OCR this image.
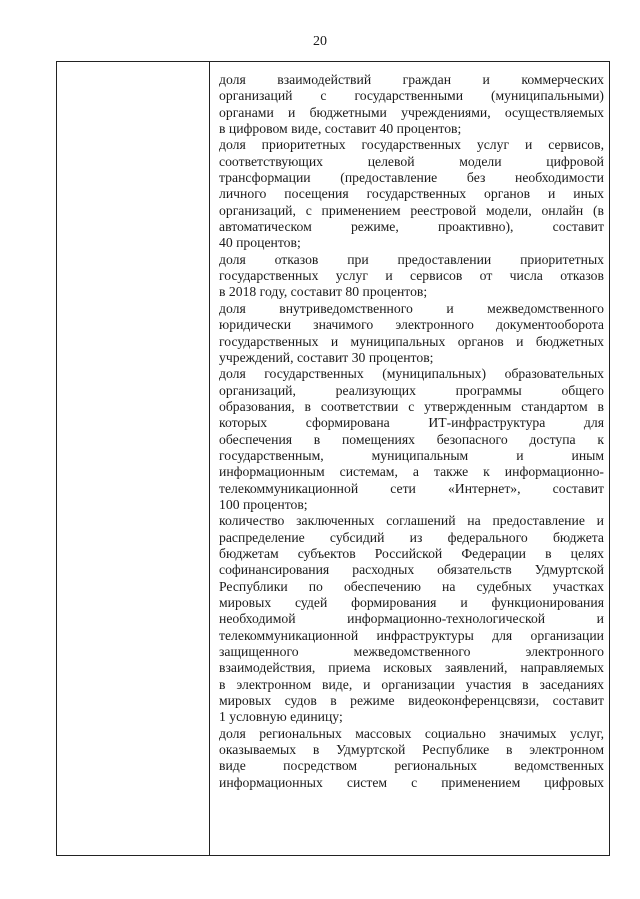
20
доля взаимодействий граждан и коммерческих
организаций с государственными (муниципальными)
органами и бюджетными учреждениями, осуществляемых
в цифровом виде, составит 40 процентов;
доля приоритетных государственных услуг и сервисов,
соответствующих целевой модели цифровой
трансформации (предоставление без необходимости
личного посещения государственных органов и иных
организаций, с применением реестровой модели, онлайн (в
автоматическом режиме, проактивно), составит
40 процентов;
доля отказов при предоставлении приоритетных
государственных услуг и сервисов от числа отказов
в 2018 году, составит 80 процентов;
доля внутриведомственного и межведомственного
юридически значимого электронного документооборота
государственных и муниципальных органов и бюджетных
учреждений, составит 30 процентов;
доля государственных (муниципальных) образовательных
организаций, реализующих программы общего
образования, в соответствии с утвержденным стандартом в
которых сформирована ИТ-инфраструктура для
обеспечения в помещениях безопасного доступа к
государственным, муниципальным и иным
информационным системам, а также к информационно-
телекоммуникационной сети «Интернет», составит
100 процентов;
количество заключенных соглашений на предоставление и
распределение субсидий из федерального бюджета
бюджетам субъектов Российской Федерации в целях
софинансирования расходных обязательств Удмуртской
Республики по обеспечению на судебных участках
мировых судей формирования и функционирования
необходимой информационно-технологической и
телекоммуникационной инфраструктуры для организации
защищенного межведомственного электронного
взаимодействия, приема исковых заявлений, направляемых
в электронном виде, и организации участия в заседаниях
мировых судов в режиме видеоконференцсвязи, составит
1 условную единицу;
доля региональных массовых социально значимых услуг,
оказываемых в Удмуртской Республике в электронном
виде посредством региональных ведомственных
информационных систем с применением цифровых
